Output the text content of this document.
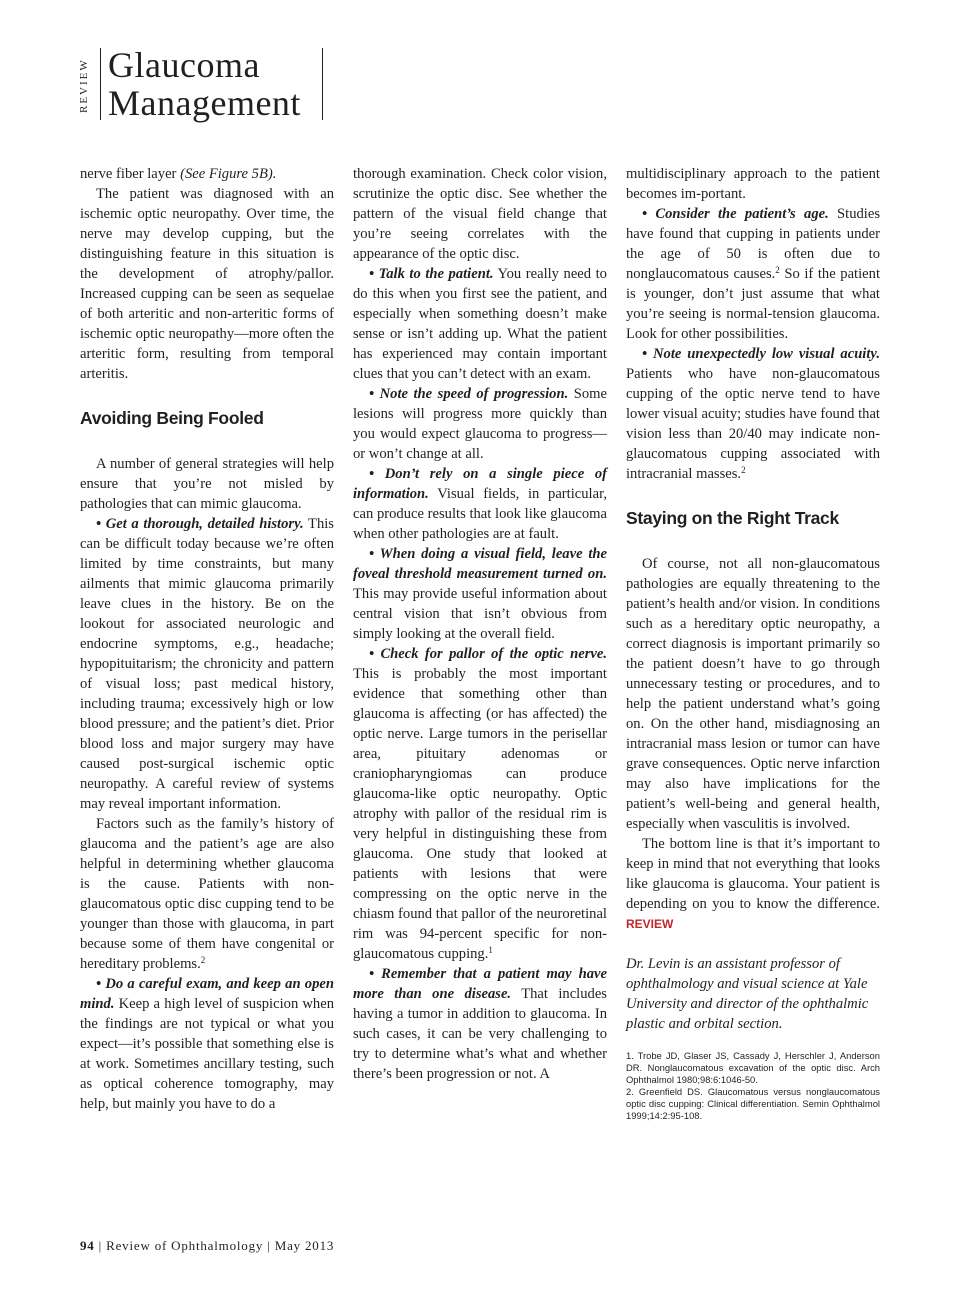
REVIEW Glaucoma
Management

nerve fiber layer (See Figure 5B).

The patient was diagnosed with an ischemic optic neuropathy. Over time, the nerve may develop cupping, but the distinguishing feature in this situation is the development of atrophy/pallor. Increased cupping can be seen as sequelae of both arteritic and non-arteritic forms of ischemic optic neuropathy—more often the arteritic form, resulting from temporal arteritis.

Avoiding Being Fooled

A number of general strategies will help ensure that you’re not misled by pathologies that can mimic glaucoma.

• Get a thorough, detailed history. This can be difficult today because we’re often limited by time constraints, but many ailments that mimic glaucoma primarily leave clues in the history. Be on the lookout for associated neurologic and endocrine symptoms, e.g., headache; hypopituitarism; the chronicity and pattern of visual loss; past medical history, including trauma; excessively high or low blood pressure; and the patient’s diet. Prior blood loss and major surgery may have caused post-surgical ischemic optic neuropathy. A careful review of systems may reveal important information.

Factors such as the family’s history of glaucoma and the patient’s age are also helpful in determining whether glaucoma is the cause. Patients with non-glaucomatous optic disc cupping tend to be younger than those with glaucoma, in part because some of them have congenital or hereditary problems.$^2$

• Do a careful exam, and keep an open mind. Keep a high level of suspicion when the findings are not typical or what you expect—it’s possible that something else is at work. Sometimes ancillary testing, such as optical coherence tomography, may help, but mainly you have to do a

thorough examination. Check color vision, scrutinize the optic disc. See whether the pattern of the visual field change that you’re seeing correlates with the appearance of the optic disc.

• Talk to the patient. You really need to do this when you first see the patient, and especially when something doesn’t make sense or isn’t adding up. What the patient has experienced may contain important clues that you can’t detect with an exam.

• Note the speed of progression. Some lesions will progress more quickly than you would expect glaucoma to progress—or won’t change at all.

• Don’t rely on a single piece of information. Visual fields, in particular, can produce results that look like glaucoma when other pathologies are at fault.

• When doing a visual field, leave the foveal threshold measurement turned on. This may provide useful information about central vision that isn’t obvious from simply looking at the overall field.

• Check for pallor of the optic nerve. This is probably the most important evidence that something other than glaucoma is affecting (or has affected) the optic nerve. Large tumors in the perisellar area, pituitary adenomas or craniopharyngiomas can produce glaucoma-like optic neuropathy. Optic atrophy with pallor of the residual rim is very helpful in distinguishing these from glaucoma. One study that looked at patients with lesions that were compressing on the optic nerve in the chiasm found that pallor of the neuroretinal rim was 94-percent specific for non-glaucomatous cupping.$^1$

• Remember that a patient may have more than one disease. That includes having a tumor in addition to glaucoma. In such cases, it can be very challenging to try to determine what’s what and whether there’s been progression or not. A

multidisciplinary approach to the patient becomes im-portant.

• Consider the patient’s age. Studies have found that cupping in patients under the age of 50 is often due to nonglaucomatous causes.$^2$ So if the patient is younger, don’t just assume that what you’re seeing is normal-tension glaucoma. Look for other possibilities.

• Note unexpectedly low visual acuity. Patients who have non-glaucomatous cupping of the optic nerve tend to have lower visual acuity; studies have found that vision less than 20/40 may indicate non-glaucomatous cupping associated with intracranial masses.$^2$

Staying on the Right Track

Of course, not all non-glaucomatous pathologies are equally threatening to the patient’s health and/or vision. In conditions such as a hereditary optic neuropathy, a correct diagnosis is important primarily so the patient doesn’t have to go through unnecessary testing or procedures, and to help the patient understand what’s going on. On the other hand, misdiagnosing an intracranial mass lesion or tumor can have grave consequences. Optic nerve infarction may also have implications for the patient’s well-being and general health, especially when vasculitis is involved.

The bottom line is that it’s important to keep in mind that not everything that looks like glaucoma is glaucoma. Your patient is depending on you to know the difference. REVIEW

Dr. Levin is an assistant professor of ophthalmology and visual science at Yale University and director of the ophthalmic plastic and orbital section.

1. Trobe JD, Glaser JS, Cassady J, Herschler J, Anderson DR. Nonglaucomatous excavation of the optic disc. Arch Ophthalmol 1980;98:6:1046-50.
2. Greenfield DS. Glaucomatous versus nonglaucomatous optic disc cupping: Clinical differentiation. Semin Ophthalmol 1999;14:2:95-108.
94 | Review of Ophthalmology | May 2013
